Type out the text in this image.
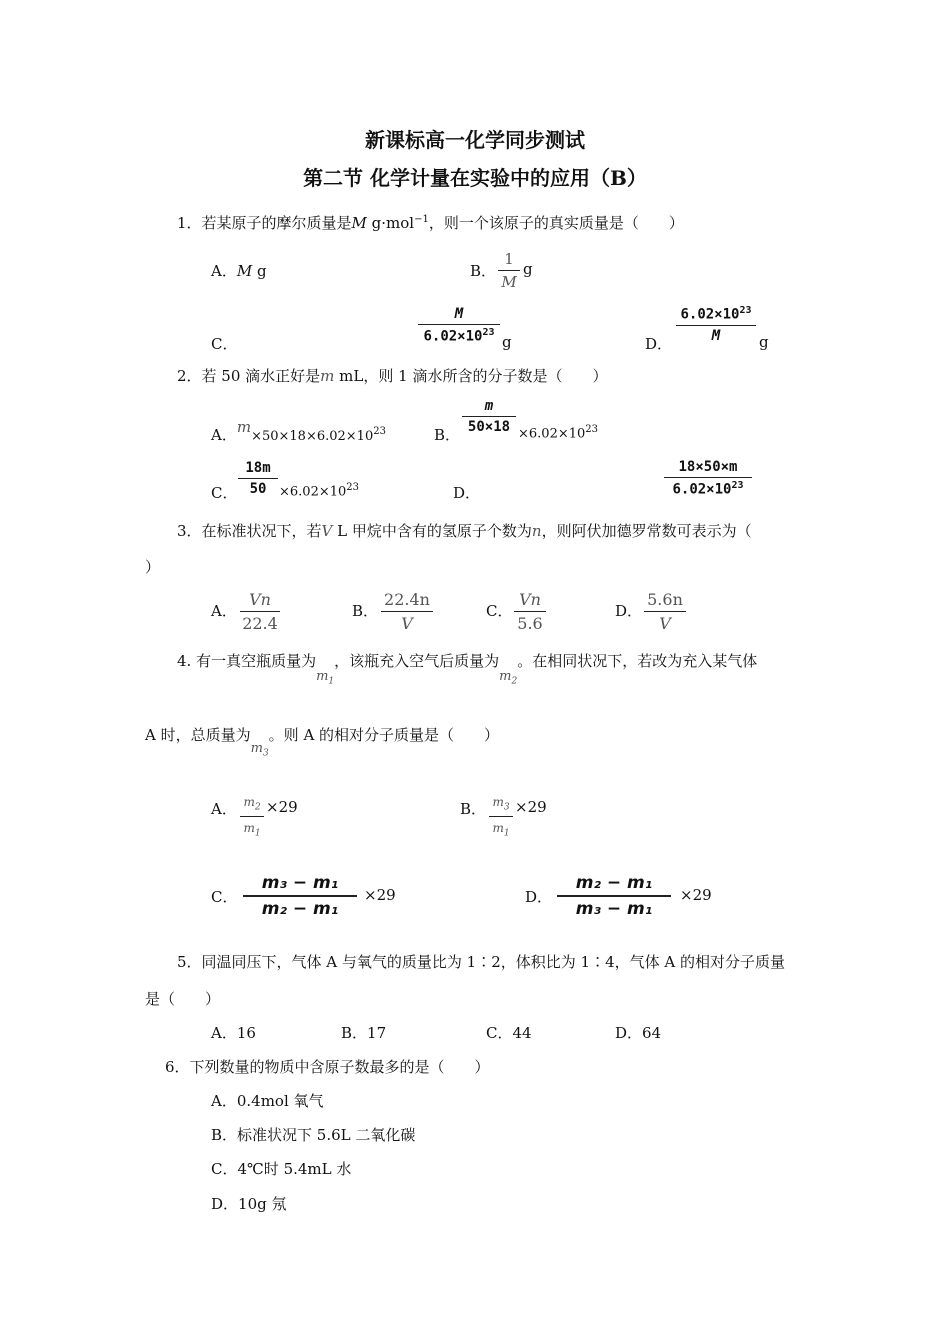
新课标高一化学同步测试
第二节 化学计量在实验中的应用（B）
1．若某原子的摩尔质量是M g·mol$^{-1}$，则一个该原子的真实质量是（　　）
A．M g	B．
1
M
g
C．
M
$6.02\times 10^{23}$
g	D．
$6.02\times 10^{23}$
M	g
2．若 50 滴水正好是m mL，则 1 滴水所含的分子数是（　　）
A．$m\times 50\times 18\times 6.02\times 10^{23}$	B．
m
$50\times 18 \times 6.02\times 10^{23}$
C．
18m
$50 \times 6.02\times 10^{23}$	D．
18×50×m
$6.02\times 10^{23}$
3．在标准状况下，若V L 甲烷中含有的氢原子个数为n，则阿伏加德罗常数可表示为（
）
A．
Vn
22.4
B．
22.4n
V
C．
Vn
5.6
D．
5.6n
V
4. 有一真空瓶质量为$m_1$，该瓶充入空气后质量为$m_2$。在相同状况下，若改为充入某气体
A 时，总质量为$m_3$。则 A 的相对分子质量是（　　）
A． $m_2$
$m_1$
×29	B． $m_3$
$m_1$
×29
C．
m₃ − m₁
m₂ − m₁
×29	D．
m₂ − m₁
m₃ − m₁
×29
5．同温同压下，气体 A 与氧气的质量比为 1∶2，体积比为 1∶4，气体 A 的相对分子质量
是（　　）
A．16	B．17	C．44	D．64
6．下列数量的物质中含原子数最多的是（　　）
A．0.4mol 氧气
B．标准状况下 5.6L 二氧化碳
C．4℃时 5.4mL 水
D．10g 氖
